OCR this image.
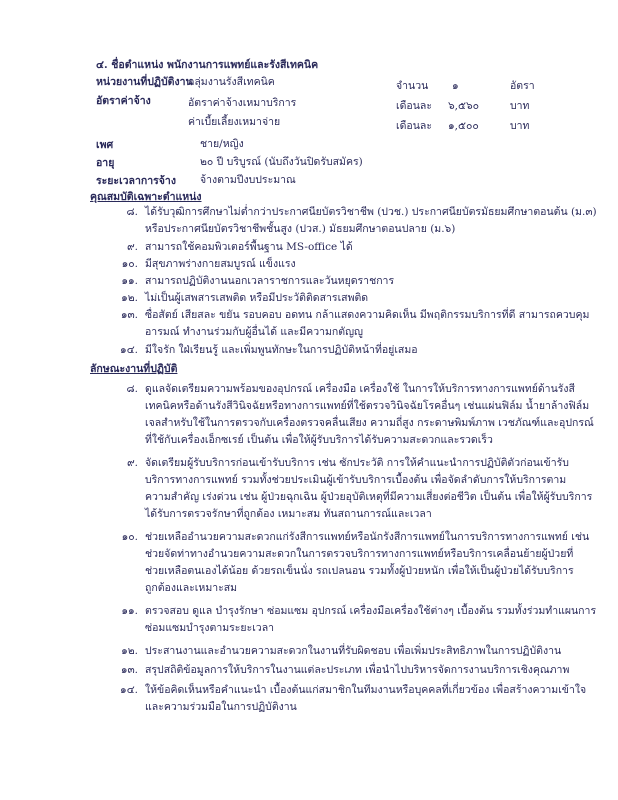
๔. ชื่อตำแหน่ง พนักงานการแพทย์และรังสีเทคนิค
หน่วยงานที่ปฏิบัติงาน
กลุ่มงานรังสีเทคนิค	จำนวน ๑	อัตรา
อัตราค่าจ้าง	อัตราค่าจ้างเหมาบริการ	เดือนละ ๖,๕๖๐	บาท
ค่าเบี้ยเลี้ยงเหมาจ่าย	เดือนละ ๑,๕๐๐	บาท
เพศ	ชาย/หญิง
อายุ	๒๐ ปี บริบูรณ์ (นับถึงวันปิดรับสมัคร)
ระยะเวลาการจ้าง จ้างตามปีงบประมาณ
คุณสมบัติเฉพาะตำแหน่ง
๘. ได้รับวุฒิการศึกษาไม่ต่ำกว่าประกาศนียบัตรวิชาชีพ (ปวช.) ประกาศนียบัตรมัธยมศึกษาตอนต้น (ม.๓)
หรือประกาศนียบัตรวิชาชีพชั้นสูง (ปวส.) มัธยมศึกษาตอนปลาย (ม.๖)
๙. สามารถใช้คอมพิวเตอร์พื้นฐาน MS-office ได้
๑๐. มีสุขภาพร่างกายสมบูรณ์ แข็งแรง
๑๑. สามารถปฏิบัติงานนอกเวลาราชการและวันหยุดราชการ
๑๒. ไม่เป็นผู้เสพสารเสพติด หรือมีประวัติติดสารเสพติด
๑๓. ซื่อสัตย์ เสียสละ ขยัน รอบคอบ อดทน กล้าแสดงความคิดเห็น มีพฤติกรรมบริการที่ดี สามารถควบคุม
อารมณ์ ทำงานร่วมกับผู้อื่นได้ และมีความกตัญญู
๑๔. มีใจรัก ใฝ่เรียนรู้ และเพิ่มพูนทักษะในการปฏิบัติหน้าที่อยู่เสมอ
ลักษณะงานที่ปฏิบัติ
๘. ดูแลจัดเตรียมความพร้อมของอุปกรณ์ เครื่องมือ เครื่องใช้ ในการให้บริการทางการแพทย์ด้านรังสี
เทคนิคหรือด้านรังสีวินิจฉัยหรือทางการแพทย์ที่ใช้ตรวจวินิจฉัยโรคอื่นๆ เช่นแผ่นฟิล์ม น้ำยาล้างฟิล์ม
เจลสำหรับใช้ในการตรวจกับเครื่องตรวจคลื่นเสียง ความถี่สูง กระดาษพิมพ์ภาพ เวชภัณฑ์และอุปกรณ์
ที่ใช้กับเครื่องเอ็กซเรย์ เป็นต้น เพื่อให้ผู้รับบริการได้รับความสะดวกและรวดเร็ว
๙. จัดเตรียมผู้รับบริการก่อนเข้ารับบริการ เช่น ซักประวัติ การให้คำแนะนำการปฏิบัติตัวก่อนเข้ารับ
บริการทางการแพทย์ รวมทั้งช่วยประเมินผู้เข้ารับบริการเบื้องต้น เพื่อจัดลำดับการให้บริการตาม
ความสำคัญ เร่งด่วน เช่น ผู้ป่วยฉุกเฉิน ผู้ป่วยอุบัติเหตุที่มีความเสี่ยงต่อชีวิต เป็นต้น เพื่อให้ผู้รับบริการ
ได้รับการตรวจรักษาที่ถูกต้อง เหมาะสม ทันสถานการณ์และเวลา
๑๐. ช่วยเหลืออำนวยความสะดวกแก่รังสีการแพทย์หรือนักรังสีการแพทย์ในการบริการทางการแพทย์ เช่น
ช่วยจัดท่าทางอำนวยความสะดวกในการตรวจบริการทางการแพทย์หรือบริการเคลื่อนย้ายผู้ป่วยที่
ช่วยเหลือตนเองได้น้อย ด้วยรถเข็นนั่ง รถเปลนอน รวมทั้งผู้ป่วยหนัก เพื่อให้เป็นผู้ป่วยได้รับบริการ
ถูกต้องและเหมาะสม
๑๑. ตรวจสอบ ดูแล บำรุงรักษา ซ่อมแซม อุปกรณ์ เครื่องมือเครื่องใช้ต่างๆ เบื้องต้น รวมทั้งร่วมทำแผนการ
ซ่อมแซมบำรุงตามระยะเวลา
๑๒. ประสานงานและอำนวยความสะดวกในงานที่รับผิดชอบ เพื่อเพิ่มประสิทธิภาพในการปฏิบัติงาน
๑๓. สรุปสถิติข้อมูลการให้บริการในงานแต่ละประเภท เพื่อนำไปบริหารจัดการงานบริการเชิงคุณภาพ
๑๔. ให้ข้อคิดเห็นหรือคำแนะนำ เบื้องต้นแก่สมาชิกในทีมงานหรือบุคคลที่เกี่ยวข้อง เพื่อสร้างความเข้าใจ
และความร่วมมือในการปฏิบัติงาน
